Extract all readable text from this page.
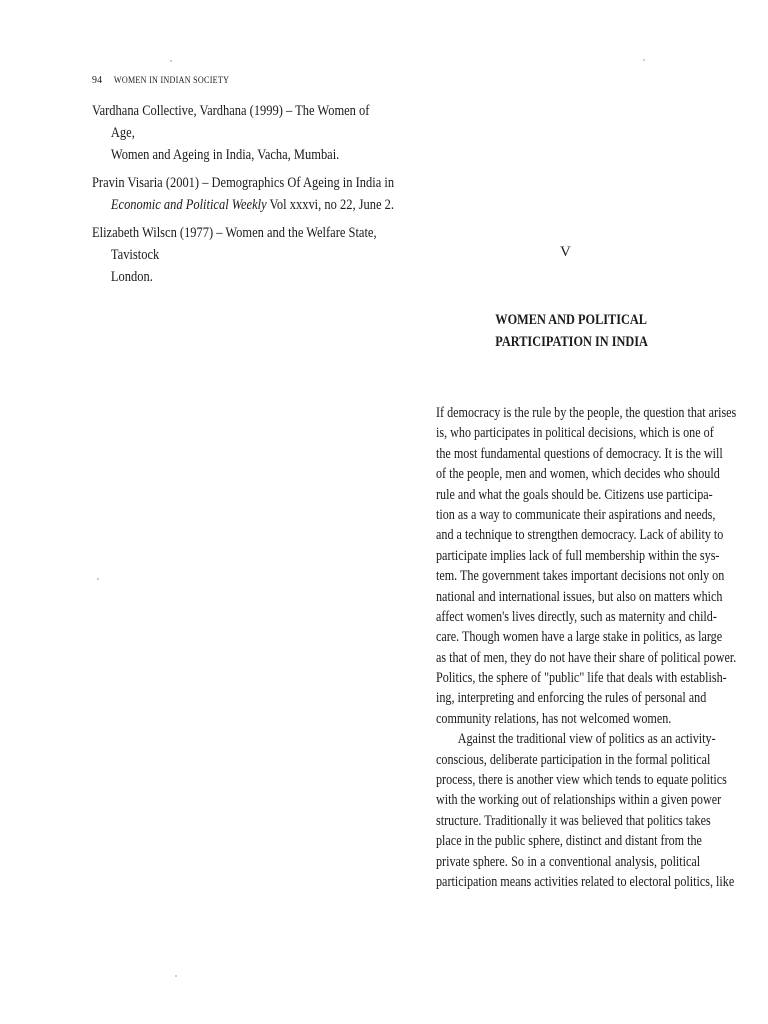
94 WOMEN IN INDIAN SOCIETY
Vardhana Collective, Vardhana (1999) – The Women of Age,
Women and Ageing in India, Vacha, Mumbai.
Pravin Visaria (2001) – Demographics Of Ageing in India in
Economic and Political Weekly Vol xxxvi, no 22, June 2.
Elizabeth Wilscn (1977) – Women and the Welfare State, Tavistock
London.
V
WOMEN AND POLITICAL
PARTICIPATION IN INDIA
If democracy is the rule by the people, the question that arises
is, who participates in political decisions, which is one of
the most fundamental questions of democracy. It is the will
of the people, men and women, which decides who should
rule and what the goals should be. Citizens use participa-
tion as a way to communicate their aspirations and needs,
and a technique to strengthen democracy. Lack of ability to
participate implies lack of full membership within the sys-
tem. The government takes important decisions not only on
national and international issues, but also on matters which
affect women's lives directly, such as maternity and child-
care. Though women have a large stake in politics, as large
as that of men, they do not have their share of political power.
Politics, the sphere of "public" life that deals with establish-
ing, interpreting and enforcing the rules of personal and
community relations, has not welcomed women.
Against the traditional view of politics as an activity-
conscious, deliberate participation in the formal political
process, there is another view which tends to equate politics
with the working out of relationships within a given power
structure. Traditionally it was believed that politics takes
place in the public sphere, distinct and distant from the
private sphere. So in a conventional analysis, political
participation means activities related to electoral politics, like
